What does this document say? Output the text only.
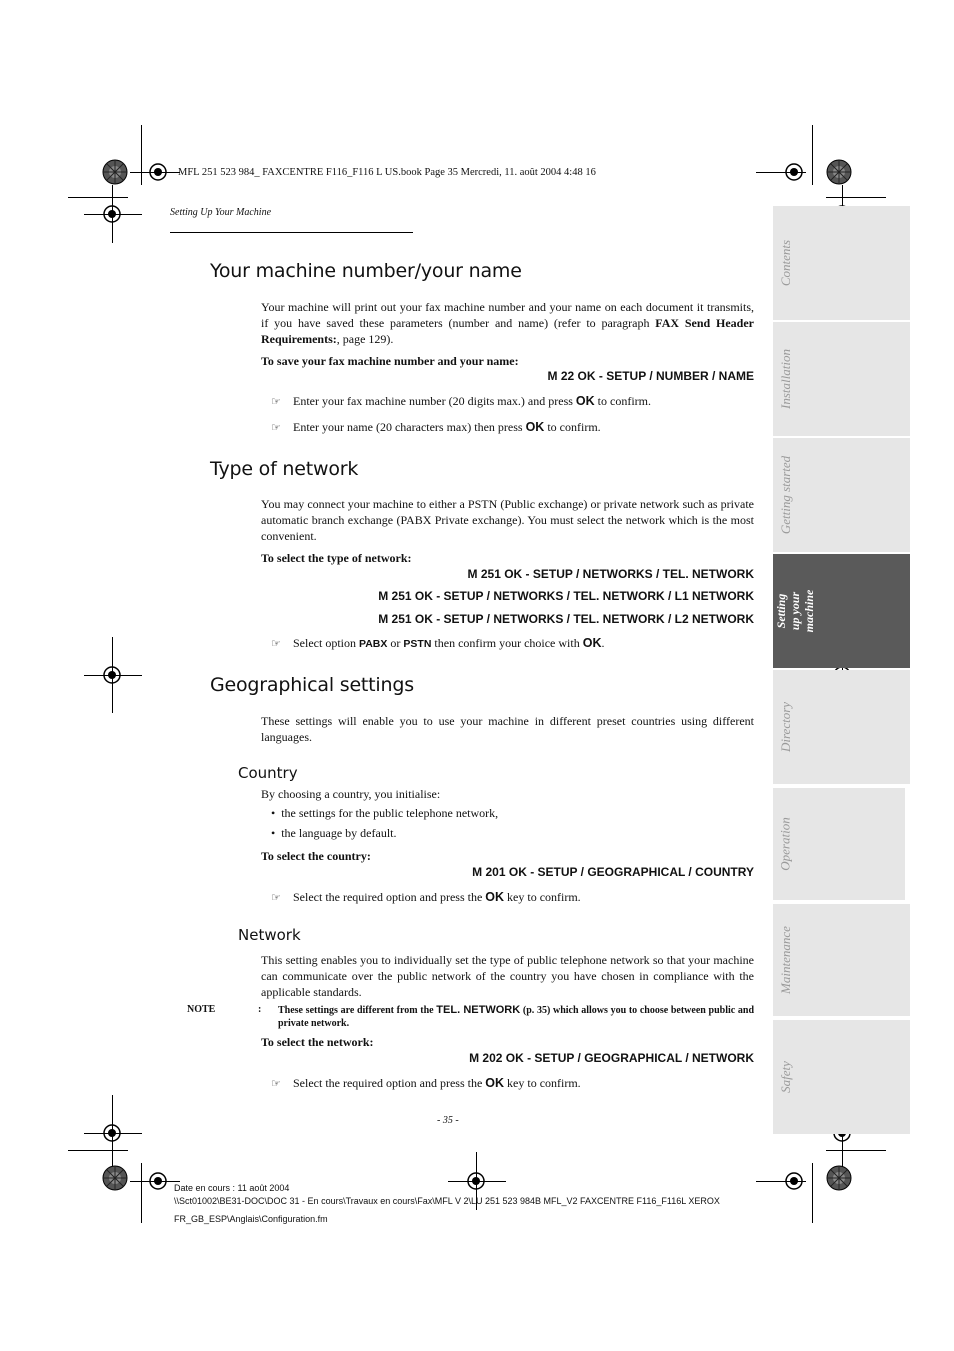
MFL 251 523 984_ FAXCENTRE F116_F116 L US.book Page 35 Mercredi, 11. août 2004 4:48 16
Setting Up Your Machine
Your machine number/your name
Your machine will print out your fax machine number and your name on each document it transmits, if you have saved these parameters (number and name) (refer to paragraph FAX Send Header Requirements:, page 129).
To save your fax machine number and your name:
M 22 OK - SETUP / NUMBER / NAME
☞ Enter your fax machine number (20 digits max.) and press OK to confirm.
☞ Enter your name (20 characters max) then press OK to confirm.
Type of network
You may connect your machine to either a PSTN (Public exchange) or private network such as private automatic branch exchange (PABX Private exchange). You must select the network which is the most convenient.
To select the type of network:
M 251 OK - SETUP / NETWORKS / TEL. NETWORK
M 251 OK - SETUP / NETWORKS / TEL. NETWORK / L1 NETWORK
M 251 OK - SETUP / NETWORKS / TEL. NETWORK / L2 NETWORK
☞ Select option PABX or PSTN then confirm your choice with OK.
Geographical settings
These settings will enable you to use your machine in different preset countries using different languages.
Country
By choosing a country, you initialise:
• the settings for the public telephone network,
• the language by default.
To select the country:
M 201 OK - SETUP / GEOGRAPHICAL / COUNTRY
☞ Select the required option and press the OK key to confirm.
Network
This setting enables you to individually set the type of public telephone network so that your machine can communicate over the public network of the country you have chosen in compliance with the applicable standards.
NOTE	: These settings are different from the TEL. NETWORK (p. 35) which allows you to choose between public and private network.
To select the network:
M 202 OK - SETUP / GEOGRAPHICAL / NETWORK
☞ Select the required option and press the OK key to confirm.
- 35 -
Date en cours : 11 août 2004
\\Sct01002\BE31-DOC\DOC 31 - En cours\Travaux en cours\Fax\MFL V 2\LU 251 523 984B MFL_V2 FAXCENTRE F116_F116L XEROX
FR_GB_ESP\Anglais\Configuration.fm
Contents
Installation
Getting started
Setting up your machine
Directory
Operation
Maintenance
Safety
